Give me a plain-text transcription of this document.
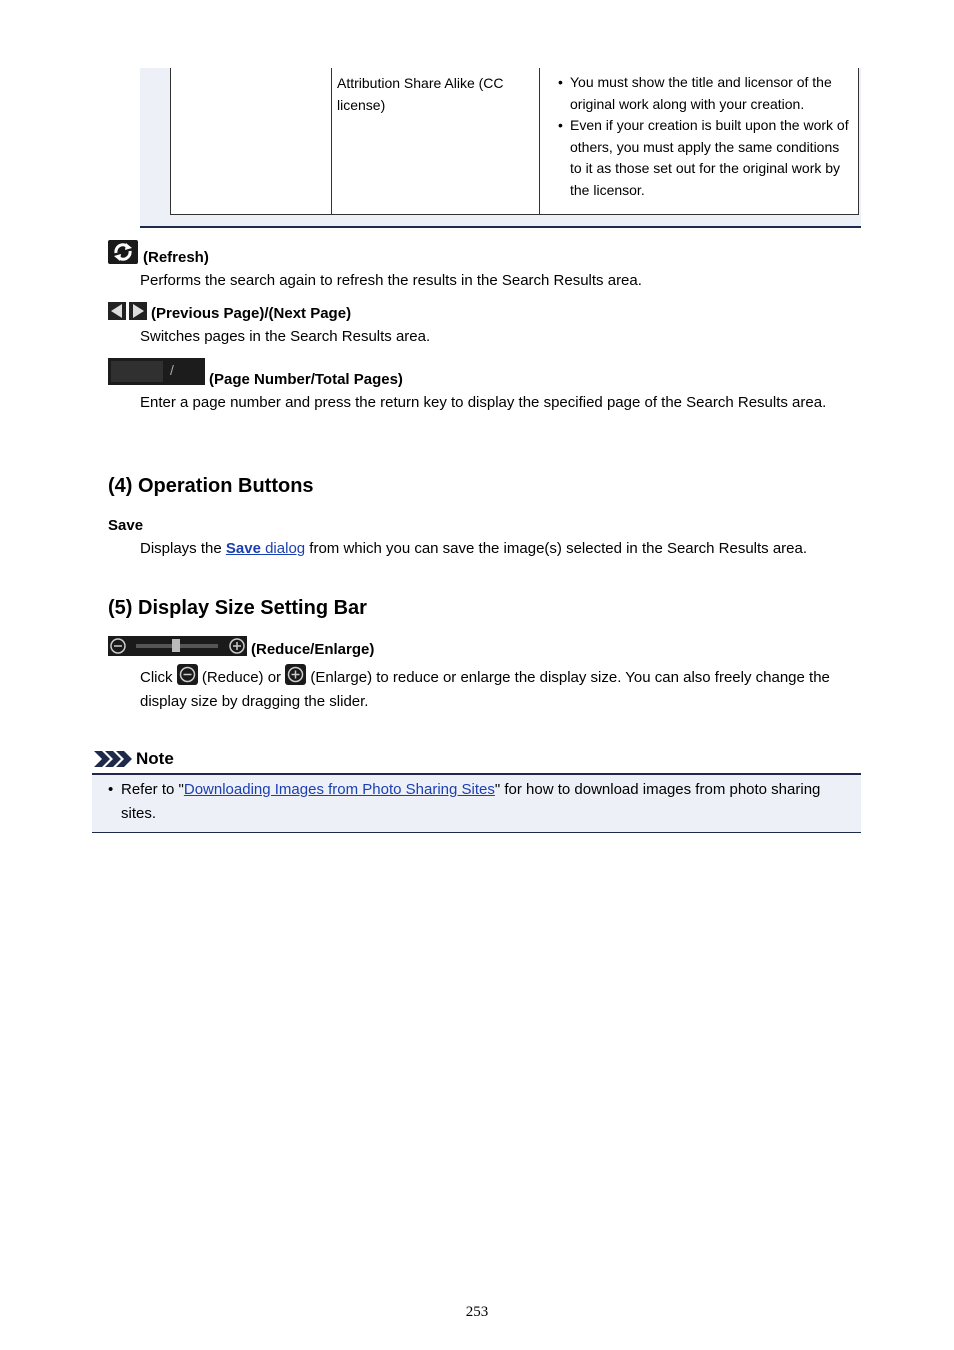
Attribution Share Alike (CC license)
• You must show the title and licensor of the original work along with your creation.
• Even if your creation is built upon the work of others, you must apply the same conditions to it as those set out for the original work by the licensor.
(Refresh)
Performs the search again to refresh the results in the Search Results area.
(Previous Page)/(Next Page)
Switches pages in the Search Results area.
/
(Page Number/Total Pages)
Enter a page number and press the return key to display the specified page of the Search Results area.
(4) Operation Buttons
Save
Displays the Save dialog from which you can save the image(s) selected in the Search Results area.
(5) Display Size Setting Bar
(Reduce/Enlarge)
Click  (Reduce) or  (Enlarge) to reduce or enlarge the display size. You can also freely change the display size by dragging the slider.
Note
• Refer to "Downloading Images from Photo Sharing Sites" for how to download images from photo sharing sites.
253
